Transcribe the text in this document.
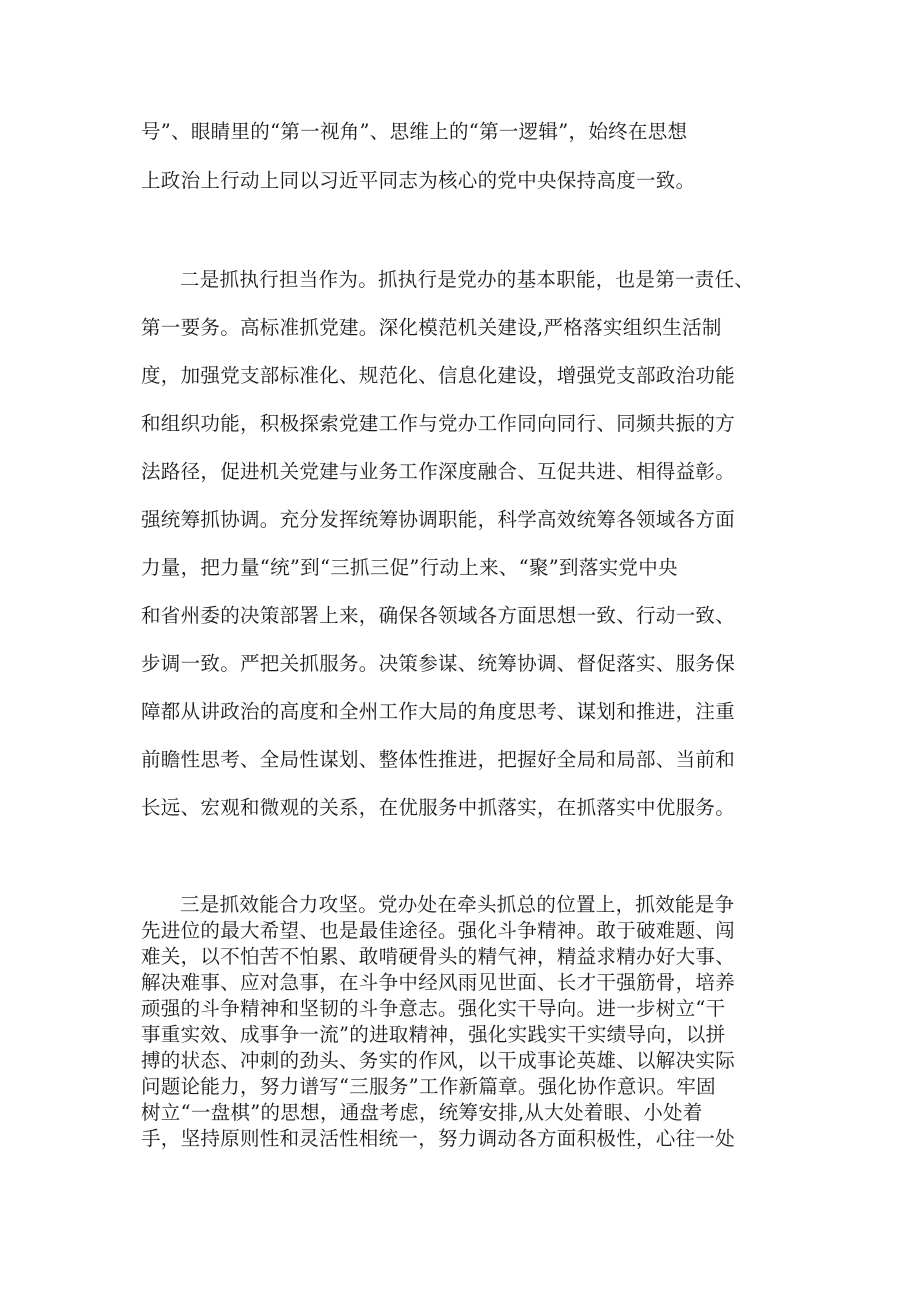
号”、眼睛里的“第一视角”、思维上的“第一逻辑”，始终在思想
上政治上行动上同以习近平同志为核心的党中央保持高度一致。
二是抓执行担当作为。抓执行是党办的基本职能，也是第一责任、
第一要务。高标准抓党建。深化模范机关建设,严格落实组织生活制
度，加强党支部标准化、规范化、信息化建设，增强党支部政治功能
和组织功能，积极探索党建工作与党办工作同向同行、同频共振的方
法路径，促进机关党建与业务工作深度融合、互促共进、相得益彰。
强统筹抓协调。充分发挥统筹协调职能，科学高效统筹各领域各方面
力量，把力量“统”到“三抓三促”行动上来、“聚”到落实党中央
和省州委的决策部署上来，确保各领域各方面思想一致、行动一致、
步调一致。严把关抓服务。决策参谋、统筹协调、督促落实、服务保
障都从讲政治的高度和全州工作大局的角度思考、谋划和推进，注重
前瞻性思考、全局性谋划、整体性推进，把握好全局和局部、当前和
长远、宏观和微观的关系，在优服务中抓落实，在抓落实中优服务。
三是抓效能合力攻坚。党办处在牵头抓总的位置上，抓效能是争
先进位的最大希望、也是最佳途径。强化斗争精神。敢于破难题、闯
难关，以不怕苦不怕累、敢啃硬骨头的精气神，精益求精办好大事、
解决难事、应对急事，在斗争中经风雨见世面、长才干强筋骨，培养
顽强的斗争精神和坚韧的斗争意志。强化实干导向。进一步树立“干
事重实效、成事争一流”的进取精神，强化实践实干实绩导向，以拼
搏的状态、冲刺的劲头、务实的作风，以干成事论英雄、以解决实际
问题论能力，努力谱写“三服务”工作新篇章。强化协作意识。牢固
树立“一盘棋”的思想，通盘考虑，统筹安排,从大处着眼、小处着
手，坚持原则性和灵活性相统一，努力调动各方面积极性，心往一处
